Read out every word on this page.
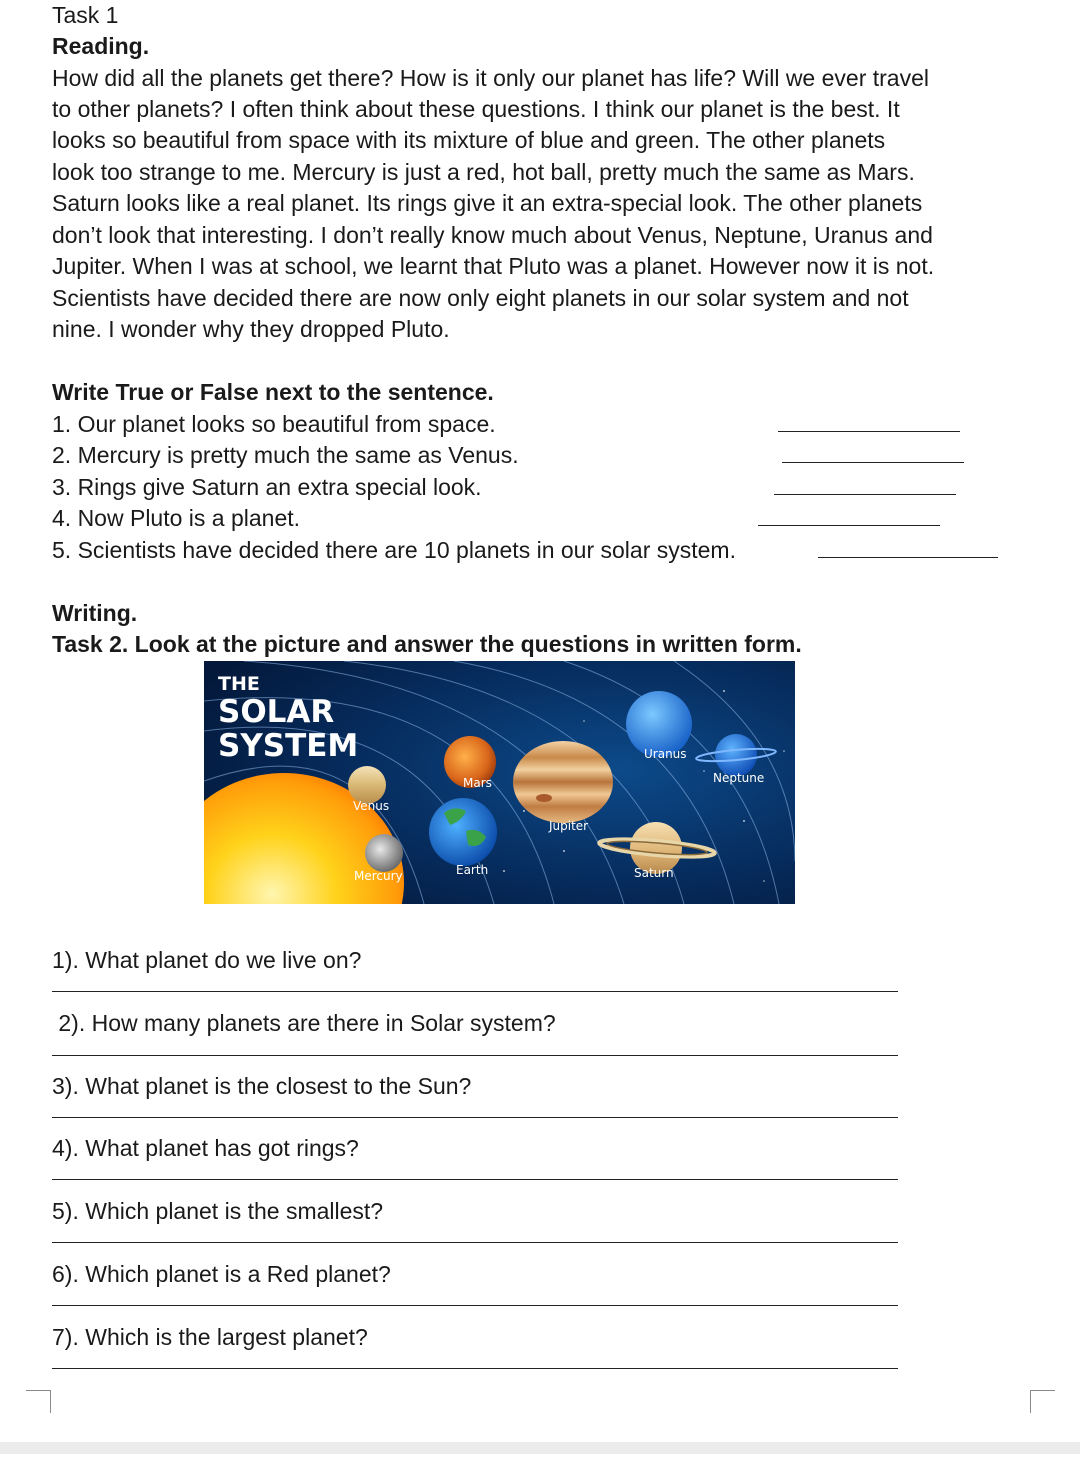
Task 1
Reading.
How did all the planets get there? How is it only our planet has life? Will we ever travel
to other planets? I often think about these questions. I think our planet is the best. It
looks so beautiful from space with its mixture of blue and green. The other planets
look too strange to me. Mercury is just a red, hot ball, pretty much the same as Mars.
Saturn looks like a real planet. Its rings give it an extra-special look. The other planets
don’t look that interesting. I don’t really know much about Venus, Neptune, Uranus and
Jupiter. When I was at school, we learnt that Pluto was a planet. However now it is not.
Scientists have decided there are now only eight planets in our solar system and not
nine. I wonder why they dropped Pluto.
Write True or False next to the sentence.
1. Our planet looks so beautiful from space.
2. Mercury is pretty much the same as Venus.
3. Rings give Saturn an extra special look.
4. Now Pluto is a planet.
5. Scientists have decided there are 10 planets in our solar system.
Writing.
Task 2. Look at the picture and answer the questions in written form.
THE
SOLAR
SYSTEM
Mercury
Venus
Earth
Mars
Jupiter
Saturn
Uranus
Neptune
1). What planet do we live on?
2). How many planets are there in Solar system?
3). What planet is the closest to the Sun?
4). What planet has got rings?
5). Which planet is the smallest?
6). Which planet is a Red planet?
7). Which is the largest planet?
